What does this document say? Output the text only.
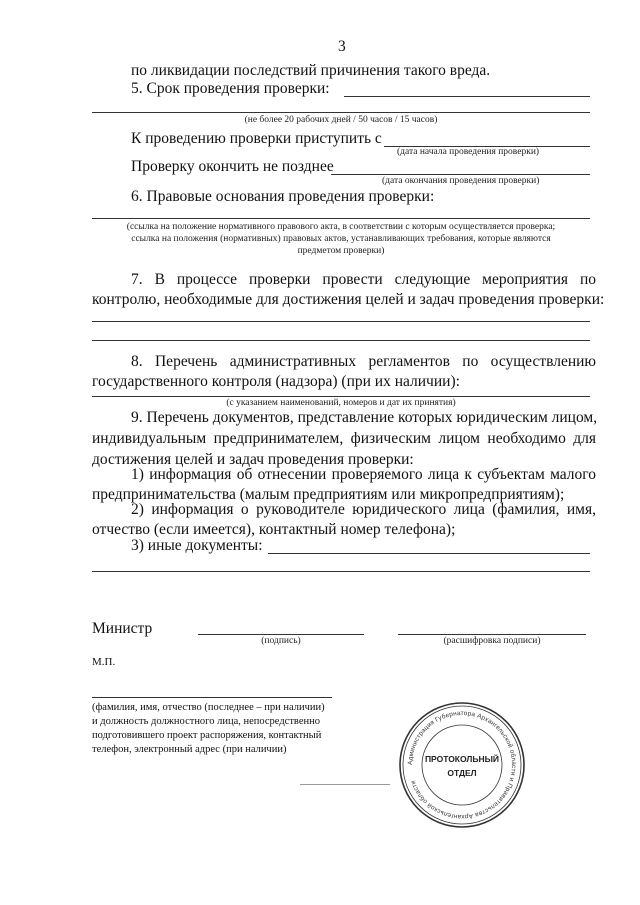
3
по ликвидации последствий причинения такого вреда.
5. Срок проведения проверки:
(не более 20 рабочих дней / 50 часов / 15 часов)
К проведению проверки приступить с
(дата начала проведения проверки)
Проверку окончить не позднее
(дата окончания проведения проверки)
6. Правовые основания проведения проверки:
(ссылка на положение нормативного правового акта, в соответствии с которым осуществляется проверка;
ссылка на положения (нормативных) правовых актов, устанавливающих требования, которые являются
предметом проверки)
7. В процессе проверки провести следующие мероприятия по
контролю, необходимые для достижения целей и задач проведения проверки:
8. Перечень административных регламентов по осуществлению
государственного контроля (надзора) (при их наличии):
(с указанием наименований, номеров и дат их принятия)
9. Перечень документов, представление которых юридическим лицом,
индивидуальным предпринимателем, физическим лицом необходимо для
достижения целей и задач проведения проверки:
1) информация об отнесении проверяемого лица к субъектам малого
предпринимательства (малым предприятиям или микропредприятиям);
2) информация о руководителе юридического лица (фамилия, имя,
отчество (если имеется), контактный номер телефона);
3) иные документы:
Министр
(подпись)	(расшифровка подписи)
М.П.
(фамилия, имя, отчество (последнее – при наличии)
и должность должностного лица, непосредственно
подготовившего проект распоряжения, контактный
телефон, электронный адрес (при наличии)
Администрация Губернатора Архангельской области и Правительства Архангельской области
ПРОТОКОЛЬНЫЙ
ОТДЕЛ
